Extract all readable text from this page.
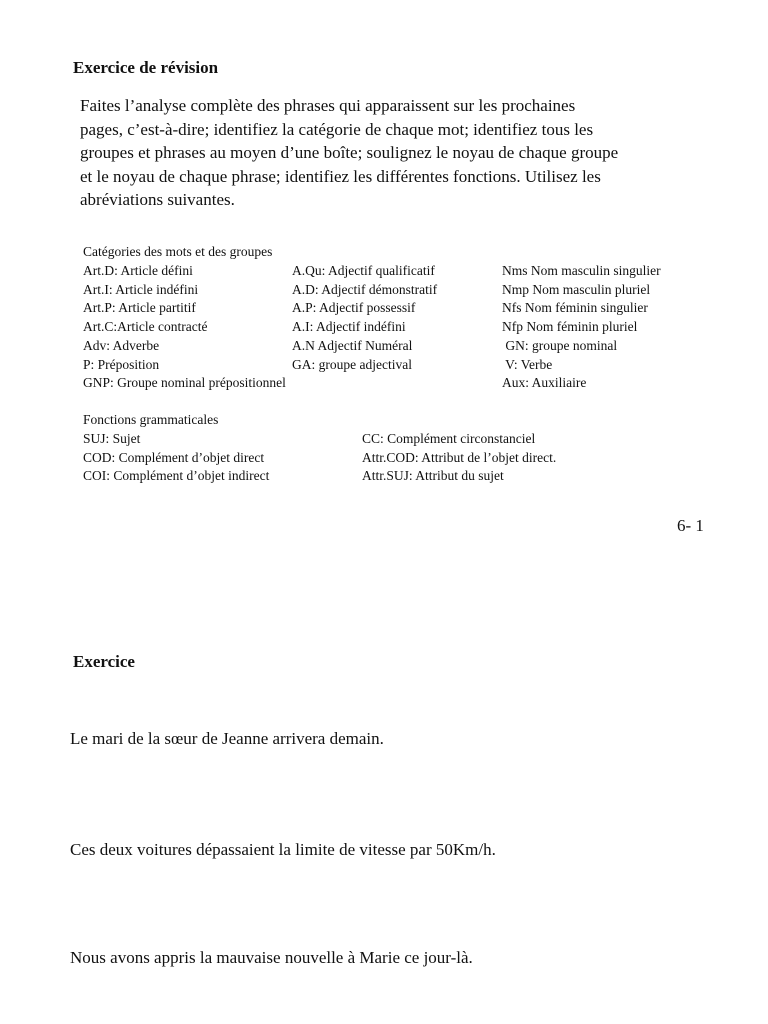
Exercice de révision

Faites l’analyse complète des phrases qui apparaissent sur les prochaines

pages, c’est-à-dire; identifiez la catégorie de chaque mot; identifiez tous les

groupes et phrases au moyen d’une boîte; soulignez le noyau de chaque groupe

et le noyau de chaque phrase; identifiez les différentes fonctions. Utilisez les

abréviations suivantes.

Catégories des mots et des groupes
Art.D: Article défini
Art.I: Article indéfini
Art.P: Article partitif
Art.C:Article contracté
Adv: Adverbe
P: Préposition
GNP: Groupe nominal prépositionnel
A.Qu: Adjectif qualificatif
A.D: Adjectif démonstratif
A.P: Adjectif possessif
A.I: Adjectif indéfini
A.N Adjectif Numéral
GA: groupe adjectival
Nms Nom masculin singulier
Nmp Nom masculin pluriel
Nfs Nom féminin singulier
Nfp Nom féminin pluriel
GN: groupe nominal
V: Verbe
Aux: Auxiliaire
Fonctions grammaticales
SUJ: Sujet
COD: Complément d’objet direct
COI: Complément d’objet indirect
CC: Complément circonstanciel
Attr.COD: Attribut de l’objet direct.
Attr.SUJ: Attribut du sujet
6- 1
Exercice
Le mari de la sœur de Jeanne arrivera demain.
Ces deux voitures dépassaient la limite de vitesse par 50Km/h.
Nous avons appris la mauvaise nouvelle à Marie ce jour-là.
